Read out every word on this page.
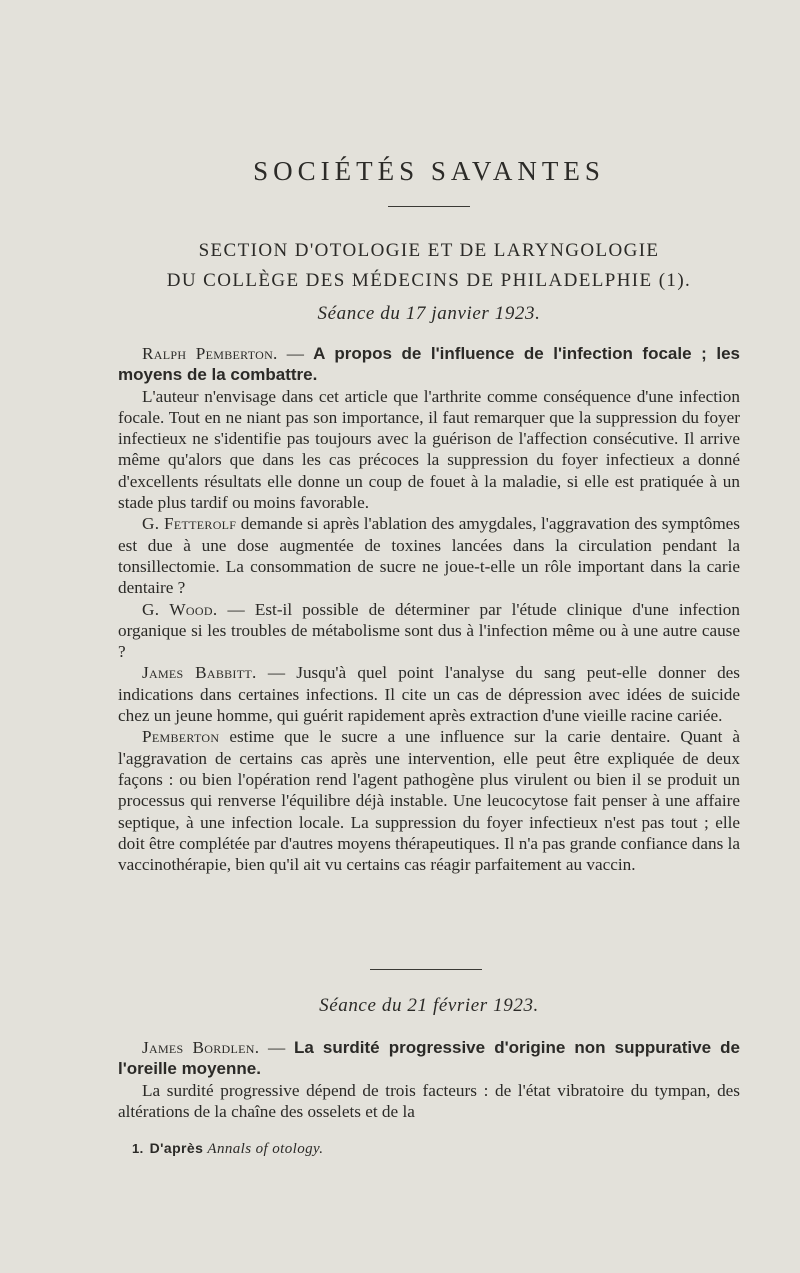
SOCIÉTÉS SAVANTES
SECTION D'OTOLOGIE ET DE LARYNGOLOGIE
DU COLLÈGE DES MÉDECINS DE PHILADELPHIE (1).
Séance du 17 janvier 1923.

Ralph Pemberton. — A propos de l'influence de l'infection focale ; les moyens de la combattre.

L'auteur n'envisage dans cet article que l'arthrite comme conséquence d'une infection focale. Tout en ne niant pas son importance, il faut remarquer que la suppression du foyer infectieux ne s'identifie pas toujours avec la guérison de l'affection consécutive. Il arrive même qu'alors que dans les cas précoces la suppression du foyer infectieux a donné d'excellents résultats elle donne un coup de fouet à la maladie, si elle est pratiquée à un stade plus tardif ou moins favorable.

G. Fetterolf demande si après l'ablation des amygdales, l'aggravation des symptômes est due à une dose augmentée de toxines lancées dans la circulation pendant la tonsillectomie. La consommation de sucre ne joue-t-elle un rôle important dans la carie dentaire ?

G. Wood. — Est-il possible de déterminer par l'étude clinique d'une infection organique si les troubles de métabolisme sont dus à l'infection même ou à une autre cause ?

James Babbitt. — Jusqu'à quel point l'analyse du sang peut-elle donner des indications dans certaines infections. Il cite un cas de dépression avec idées de suicide chez un jeune homme, qui guérit rapidement après extraction d'une vieille racine cariée.

Pemberton estime que le sucre a une influence sur la carie dentaire. Quant à l'aggravation de certains cas après une intervention, elle peut être expliquée de deux façons : ou bien l'opération rend l'agent pathogène plus virulent ou bien il se produit un processus qui renverse l'équilibre déjà instable. Une leucocytose fait penser à une affaire septique, à une infection locale. La suppression du foyer infectieux n'est pas tout ; elle doit être complétée par d'autres moyens thérapeutiques. Il n'a pas grande confiance dans la vaccinothérapie, bien qu'il ait vu certains cas réagir parfaitement au vaccin.

Séance du 21 février 1923.

James Bordlen. — La surdité progressive d'origine non suppurative de l'oreille moyenne.

La surdité progressive dépend de trois facteurs : de l'état vibratoire du tympan, des altérations de la chaîne des osselets et de la

1. D'après Annals of otology.
